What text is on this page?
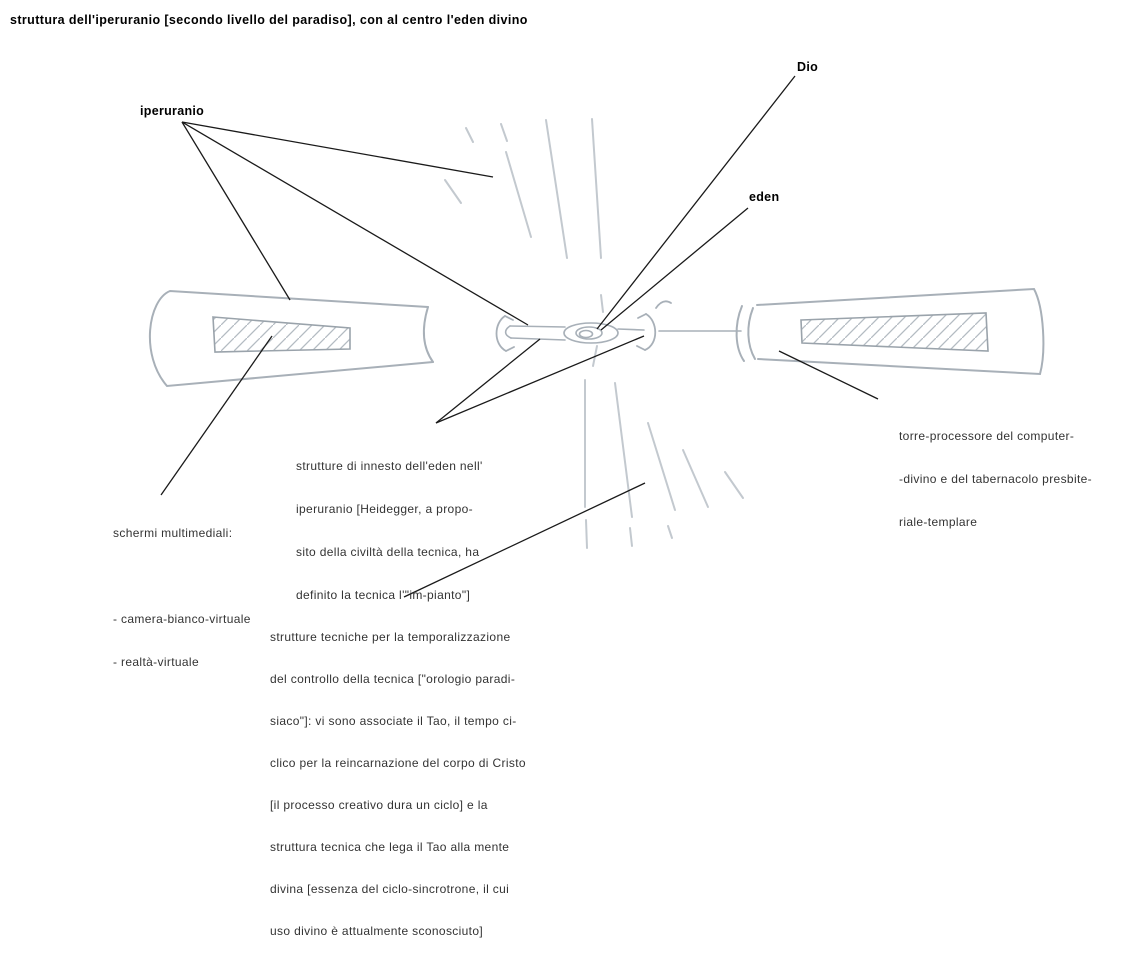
struttura dell'iperuranio [secondo livello del paradiso], con al centro l'eden divino
iperuranio
Dio
eden

torre-processore del computer-

-divino e del tabernacolo presbite-

riale-templare

strutture di innesto dell'eden nell'

iperuranio [Heidegger, a propo-

sito della civiltà della tecnica, ha

definito la tecnica l'"im-pianto"]

schermi multimediali:

- camera-bianco-virtuale

- realtà-virtuale

strutture tecniche per la temporalizzazione

del controllo della tecnica ["orologio paradi-

siaco"]: vi sono associate il Tao, il tempo ci-

clico per la reincarnazione del corpo di Cristo

[il processo creativo dura un ciclo] e la

struttura tecnica che lega il Tao alla mente

divina [essenza del ciclo-sincrotrone, il cui

uso divino è attualmente sconosciuto]
